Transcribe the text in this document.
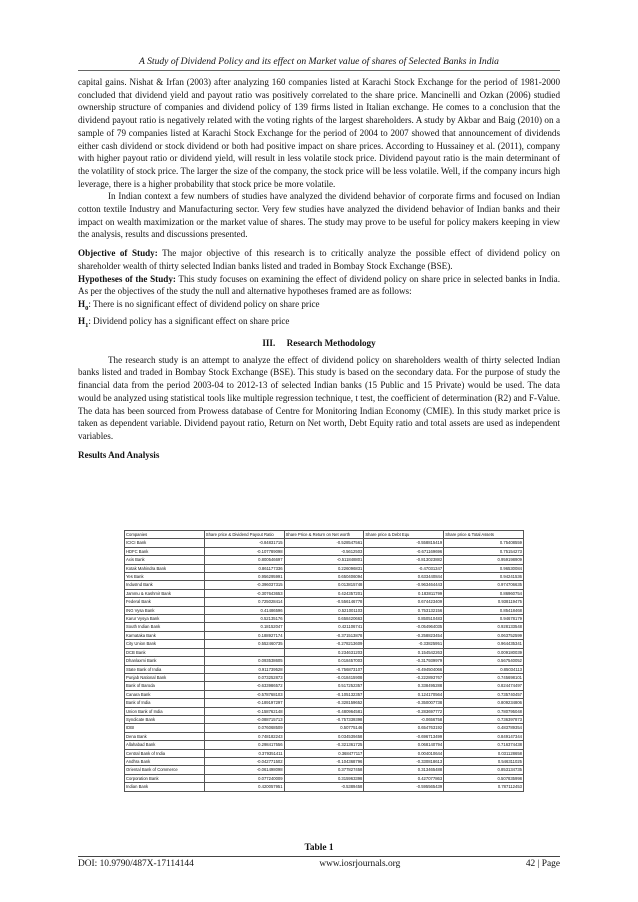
A Study of Dividend Policy and its effect on Market value of shares of Selected Banks in India

capital gains. Nishat & Irfan (2003) after analyzing 160 companies listed at Karachi Stock Exchange for the period of 1981-2000 concluded that dividend yield and payout ratio was positively correlated to the share price. Mancinelli and Ozkan (2006) studied ownership structure of companies and dividend policy of 139 firms listed in Italian exchange. He comes to a conclusion that the dividend payout ratio is negatively related with the voting rights of the largest shareholders. A study by Akbar and Baig (2010) on a sample of 79 companies listed at Karachi Stock Exchange for the period of 2004 to 2007 showed that announcement of dividends either cash dividend or stock dividend or both had positive impact on share prices. According to Hussainey et al. (2011), company with higher payout ratio or dividend yield, will result in less volatile stock price. Dividend payout ratio is the main determinant of the volatility of stock price. The larger the size of the company, the stock price will be less volatile. Well, if the company incurs high leverage, there is a higher probability that stock price be more volatile.

In Indian context a few numbers of studies have analyzed the dividend behavior of corporate firms and focused on Indian cotton textile Industry and Manufacturing sector. Very few studies have analyzed the dividend behavior of Indian banks and their impact on wealth maximization or the market value of shares. The study may prove to be useful for policy makers keeping in view the analysis, results and discussions presented.

Objective of Study: The major objective of this research is to critically analyze the possible effect of dividend policy on shareholder wealth of thirty selected Indian banks listed and traded in Bombay Stock Exchange (BSE).

Hypotheses of the Study: This study focuses on examining the effect of dividend policy on share price in selected banks in India. As per the objectives of the study the null and alternative hypotheses framed are as follows:

$H_0$: There is no significant effect of dividend policy on share price

$H_1$: Dividend policy has a significant effect on share price

III. Research Methodology

The research study is an attempt to analyze the effect of dividend policy on shareholders wealth of thirty selected Indian banks listed and traded in Bombay Stock Exchange (BSE). This study is based on the secondary data. For the purpose of study the financial data from the period 2003-04 to 2012-13 of selected Indian banks (15 Public and 15 Private) would be used. The data would be analyzed using statistical tools like multiple regression technique, t test, the coefficient of determination (R2) and F-Value. The data has been sourced from Prowess database of Centre for Monitoring Indian Economy (CMIE). In this study market price is taken as dependent variable. Dividend payout ratio, Return on Net worth, Debt Equity ratio and total assets are used as independent variables.

Results And Analysis
Companies	Share price & Dividend Payout Ratio	Share Price & Return on Net worth	Share price & Debt Equ	Share price & Total Assets
ICICI Bank	-0.84831715	-0.528547561	-0.558815419	0.75408559
HDFC Bank	-0.107789098	-0.5612503	-0.671169696	0.75154273
Axis Bank	0.800546697	-0.511848801	-0.813023882	0.959198909
Kotak Mahindra Bank	0.861177336	0.226096831	-0.47031347	0.96530084
Yes Bank	0.956295991	0.650406094	0.633440844	0.94241536
IndusInd Bank	-0.396037315	0.013815748	-0.963464443	0.974706635
Jammu & Kashmir Bank	-0.307643653	0.424357201	0.183811799	0.86960754
Federal Bank	0.725028414	-0.556146778	0.674423409	0.938119475
ING Vysa Bank	0.41486596	0.521001103	0.753132156	0.85418468
Karur Vysya Bank	0.52135176	0.658420663	0.850510483	0.94678179
South Indian Bank	0.18152047	0.421106741	-0.054964035	0.928133548
Karnataka Bank	0.188927174	-0.371513878	-0.258823454	0.063752599
City Union Bank	0.552460735	-0.278213609	-0.33825951	0.964435341
DCB Bank		0.234631203	0.154542263	0.009180039
Dhanlaxmi Bank	0.093538605	0.018457003	-0.317939979	0.567540052
State Bank of India	0.911739528	-0.756873107	-0.494504066	0.85034113
Punjab National Bank	0.073252873	-0.018415908	-0.222893767	0.745698101
Bank of Baroda	-0.633986572	0.517252357	0.338495288	0.824474497
Canara Bank	-0.578768103	-0.105132357	0.124170564	0.735740457
Bank of India	-0.189197297	-0.328159652	-0.350007738	0.809234806
Union Bank of India	-0.158762148	-0.480964581	-0.283697772	0.780795048
Syndicate Bank	-0.088715713	-0.757339398	-0.0656758	0.736397873
IDBI	0.076068509	0.50775146	0.654763192	0.483789354
Dena Bank	0.748182243	0.034539458	-0.696713499	0.849147344
Allahabad Bank	0.298417556	-0.321361725	0.068140794	0.716374438
Central Bank of India	0.379351411	0.368477117	0.004010644	0.031128658
Andhra Bank	-0.042771502	-0.104368796	-0.330818613	0.546311025
Oriental Bank of Commerce	-0.061498098	0.377827458	0.313465488	0.853134735
Corporation Bank	0.077240009	0.315963398	0.427077863	0.507835998
Indian Bank	0.420057951	-0.5389458	-0.595565439	0.787112453
Table 1
DOI: 10.9790/487X-17114144	www.iosrjournals.org	42 | Page
